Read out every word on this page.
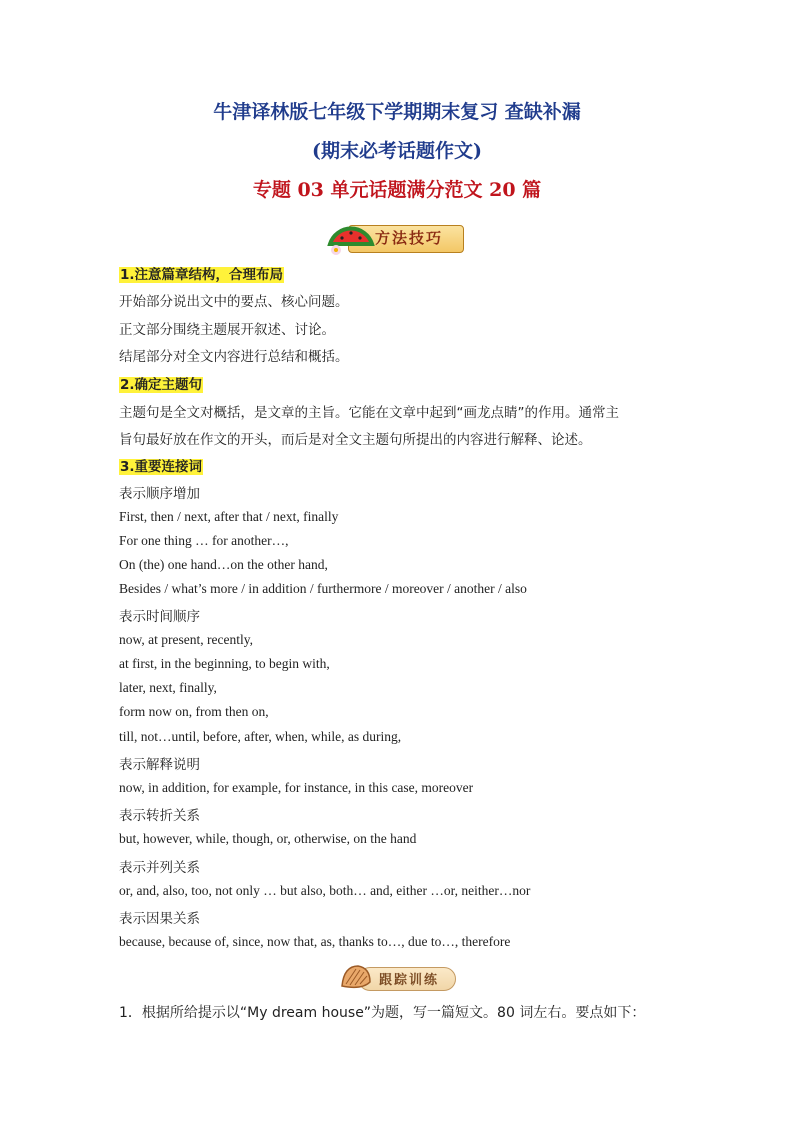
牛津译林版七年级下学期期末复习 查缺补漏
(期末必考话题作文)
专题 03 单元话题满分范文 20 篇
方法技巧
1.注意篇章结构，合理布局
开始部分说出文中的要点、核心问题。
正文部分围绕主题展开叙述、讨论。
结尾部分对全文内容进行总结和概括。
2.确定主题句
主题句是全文对概括，是文章的主旨。它能在文章中起到“画龙点睛”的作用。通常主
旨句最好放在作文的开头，而后是对全文主题句所提出的内容进行解释、论述。
3.重要连接词
表示顺序增加
First, then / next, after that / next, finally
For one thing … for another…,
On (the) one hand…on the other hand,
Besides / what’s more / in addition / furthermore / moreover / another / also
表示时间顺序
now, at present, recently,
at first, in the beginning, to begin with,
later, next, finally,
form now on, from then on,
till, not…until, before, after, when, while, as during,
表示解释说明
now, in addition, for example, for instance, in this case, moreover
表示转折关系
but, however, while, though, or, otherwise, on the hand
表示并列关系
or, and, also, too, not only … but also, both… and, either …or, neither…nor
表示因果关系
because, because of, since, now that, as, thanks to…, due to…, therefore
跟踪训练
1．根据所给提示以“My dream house”为题，写一篇短文。80 词左右。要点如下：
